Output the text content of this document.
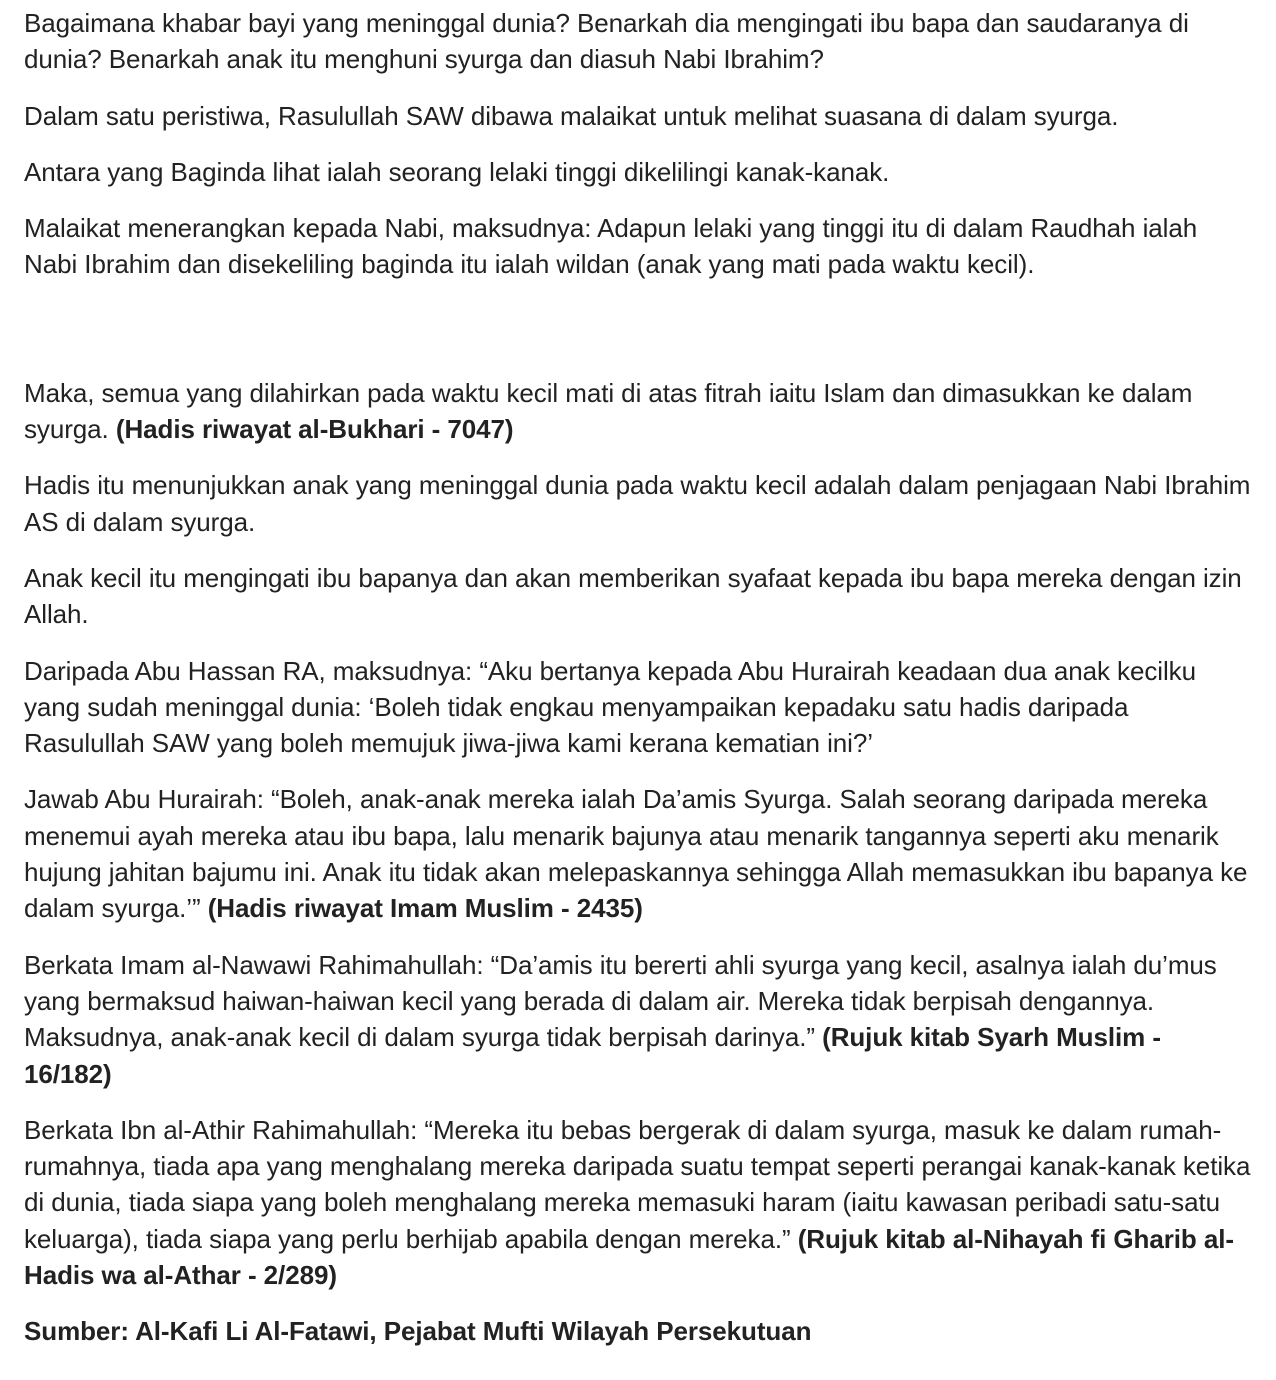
Bagaimana khabar bayi yang meninggal dunia? Benarkah dia mengingati ibu bapa dan saudaranya di dunia? Benarkah anak itu menghuni syurga dan diasuh Nabi Ibrahim?

Dalam satu peristiwa, Rasulullah SAW dibawa malaikat untuk melihat suasana di dalam syurga.

Antara yang Baginda lihat ialah seorang lelaki tinggi dikelilingi kanak-kanak.

Malaikat menerangkan kepada Nabi, maksudnya: Adapun lelaki yang tinggi itu di dalam Raudhah ialah Nabi Ibrahim dan disekeliling baginda itu ialah wildan (anak yang mati pada waktu kecil).

Maka, semua yang dilahirkan pada waktu kecil mati di atas fitrah iaitu Islam dan dimasukkan ke dalam syurga. (Hadis riwayat al-Bukhari - 7047)

Hadis itu menunjukkan anak yang meninggal dunia pada waktu kecil adalah dalam penjagaan Nabi Ibrahim AS di dalam syurga.

Anak kecil itu mengingati ibu bapanya dan akan memberikan syafaat kepada ibu bapa mereka dengan izin Allah.

Daripada Abu Hassan RA, maksudnya: “Aku bertanya kepada Abu Hurairah keadaan dua anak kecilku yang sudah meninggal dunia: ‘Boleh tidak engkau menyampaikan kepadaku satu hadis daripada Rasulullah SAW yang boleh memujuk jiwa-jiwa kami kerana kematian ini?’

Jawab Abu Hurairah: “Boleh, anak-anak mereka ialah Da’amis Syurga. Salah seorang daripada mereka menemui ayah mereka atau ibu bapa, lalu menarik bajunya atau menarik tangannya seperti aku menarik hujung jahitan bajumu ini. Anak itu tidak akan melepaskannya sehingga Allah memasukkan ibu bapanya ke dalam syurga.’” (Hadis riwayat Imam Muslim - 2435)

Berkata Imam al-Nawawi Rahimahullah: “Da’amis itu bererti ahli syurga yang kecil, asalnya ialah du’mus yang bermaksud haiwan-haiwan kecil yang berada di dalam air. Mereka tidak berpisah dengannya. Maksudnya, anak-anak kecil di dalam syurga tidak berpisah darinya.” (Rujuk kitab Syarh Muslim - 16/182)

Berkata Ibn al-Athir Rahimahullah: “Mereka itu bebas bergerak di dalam syurga, masuk ke dalam rumah-rumahnya, tiada apa yang menghalang mereka daripada suatu tempat seperti perangai kanak-kanak ketika di dunia, tiada siapa yang boleh menghalang mereka memasuki haram (iaitu kawasan peribadi satu-satu keluarga), tiada siapa yang perlu berhijab apabila dengan mereka.” (Rujuk kitab al-Nihayah fi Gharib al-Hadis wa al-Athar - 2/289)

Sumber: Al-Kafi Li Al-Fatawi, Pejabat Mufti Wilayah Persekutuan
